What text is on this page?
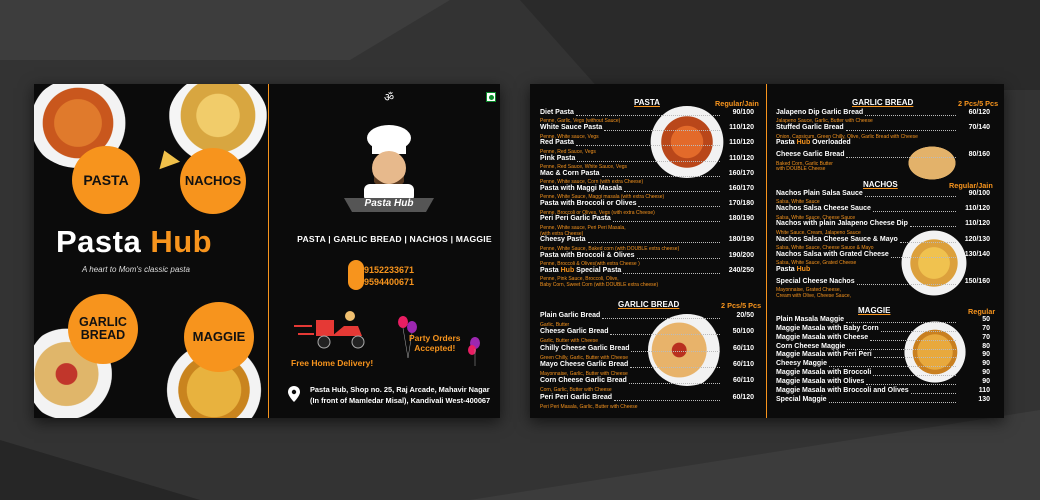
PASTA	NACHOS
GARLIC BREAD	MAGGIE
Pasta Hub
A heart to Mom's classic pasta
ॐ
Pasta Hub
PASTA | GARLIC BREAD | NACHOS | MAGGIE
9152233671
9594400671
Free Home Delivery!
Party Orders
Accepted!
Pasta Hub, Shop no. 25, Raj Arcade, Mahavir Nagar
(In front of Mamledar Misal), Kandivali West-400067
PASTA	Regular/Jain
Diet Pasta	90/100
Penne, Garlic, Vegs (without Sauce)
White Sauce Pasta	110/120
Penne, White sauce, Vegs
Red Pasta	110/120
Penne, Red Sauce, Vegs
Pink Pasta	110/120
Penne, Red Sauce, White Sauce, Vegs
Mac & Corn Pasta	160/170
Penne, White sauce, Corn (with extra Cheese)
Pasta with Maggi Masala	160/170
Penne, White Sauce, Maggi masala (with extra Cheese)
Pasta with Broccoli or Olives	170/180
Penne, Broccoli or Olives, Vegs (with extra Cheese)
Peri Peri Garlic Pasta	180/190
Penne, White sauce, Peri Peri Masala,
(with extra Cheese)
Cheesy Pasta	180/190
Penne, White Sauce, Baked corn (with DOUBLE extra cheese)
Pasta with Broccoli & Olives	190/200
Penne, Broccoli & Olives(with extra Cheese )
Pasta Hub Special Pasta	240/250
Penne, Pink Sauce, Broccoli, Olive,
Baby Corn, Sweet Corn (with DOUBLE extra cheese)
GARLIC BREAD	2 Pcs/5 Pcs
Plain Garlic Bread	20/50
Garlic, Butter
Cheese Garlic Bread	50/100
Garlic, Butter with Cheese
Chilly Cheese Garlic Bread	60/110
Green Chilly, Garlic, Butter with Cheese
Mayo Cheese Garlic Bread	60/110
Mayonnaise, Garlic, Butter with Cheese
Corn Cheese Garlic Bread	60/110
Corn, Garlic, Butter with Cheese
Peri Peri Garlic Bread	60/120
Peri Peri Masala, Garlic, Butter with Cheese
GARLIC BREAD	2 Pcs/5 Pcs
Jalapeno Dip Garlic Bread	60/120
Jalapeno Sauce, Garlic, Butter with Cheese
Stuffed Garlic Bread	70/140
Onion, Capsicum, Green Chilly, Olive, Garlic Bread with Cheese
Pasta Hub Overloaded
Cheese Garlic Bread	80/160
Baked Corn, Garlic Butter
with DOUBLE Cheese
NACHOS	Regular/Jain
Nachos Plain Salsa Sauce	90/100
Salsa, White Sauce
Nachos Salsa Cheese Sauce	110/120
Salsa, White Sauce, Cheese Sauce
Nachos with plain Jalapeno Cheese Dip	110/120
White Sauce, Cream, Jalapeno Sauce
Nachos Salsa Cheese Sauce & Mayo	120/130
Salsa, White Sauce, Cheese Sauce & Mayo
Nachos Salsa with Grated Cheese	130/140
Salsa, White Sauce, Grated Cheese
Pasta Hub
Special Cheese Nachos	150/160
Mayonnaise, Grated Cheese,
Cream with Olive, Cheese Sauce,
MAGGIE	Regular
Plain Masala Maggie	50
Maggie Masala with Baby Corn	70
Maggie Masala with Cheese	70
Corn Cheese Maggie	80
Maggie Masala with Peri Peri	90
Cheesy Maggie	90
Maggie Masala with Broccoli	90
Maggie Masala with Olives	90
Maggie Masala with Broccoli and Olives	110
Special Maggie	130
